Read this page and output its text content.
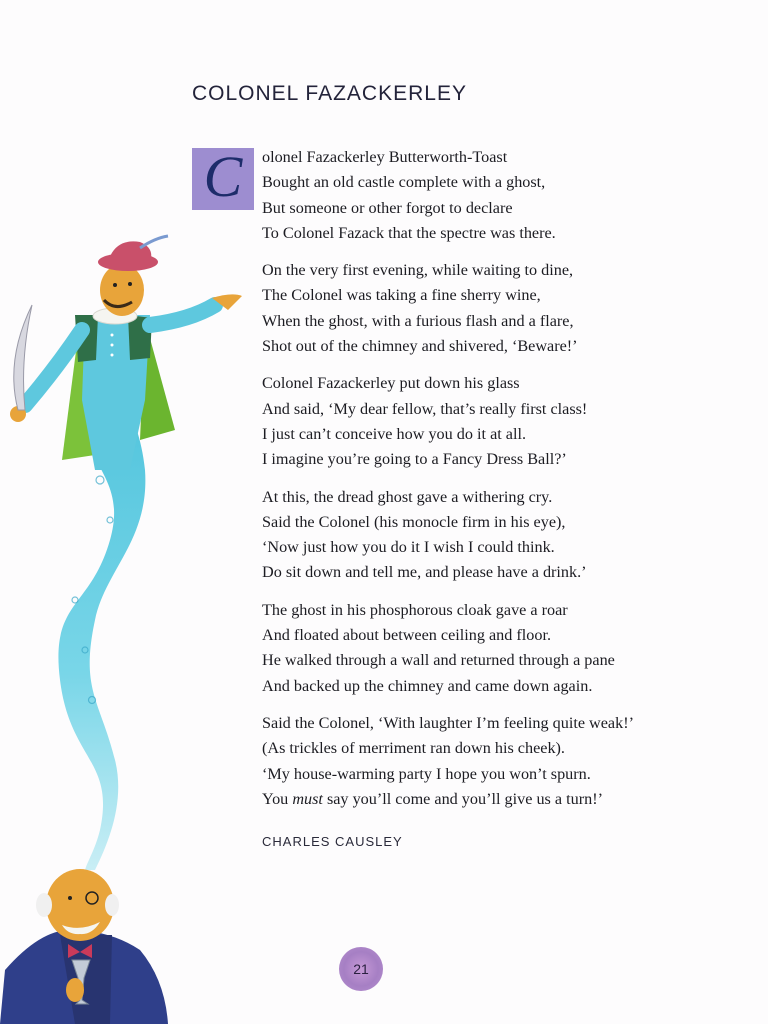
COLONEL FAZACKERLEY
C olonel Fazackerley Butterworth-Toast
Bought an old castle complete with a ghost,
But someone or other forgot to declare
To Colonel Fazack that the spectre was there.
On the very first evening, while waiting to dine,
The Colonel was taking a fine sherry wine,
When the ghost, with a furious flash and a flare,
Shot out of the chimney and shivered, ‘Beware!’
Colonel Fazackerley put down his glass
And said, ‘My dear fellow, that’s really first class!
I just can’t conceive how you do it at all.
I imagine you’re going to a Fancy Dress Ball?’
At this, the dread ghost gave a withering cry.
Said the Colonel (his monocle firm in his eye),
‘Now just how you do it I wish I could think.
Do sit down and tell me, and please have a drink.’
The ghost in his phosphorous cloak gave a roar
And floated about between ceiling and floor.
He walked through a wall and returned through a pane
And backed up the chimney and came down again.
Said the Colonel, ‘With laughter I’m feeling quite weak!’
(As trickles of merriment ran down his cheek).
‘My house-warming party I hope you won’t spurn.
You must say you’ll come and you’ll give us a turn!’
CHARLES CAUSLEY
21
